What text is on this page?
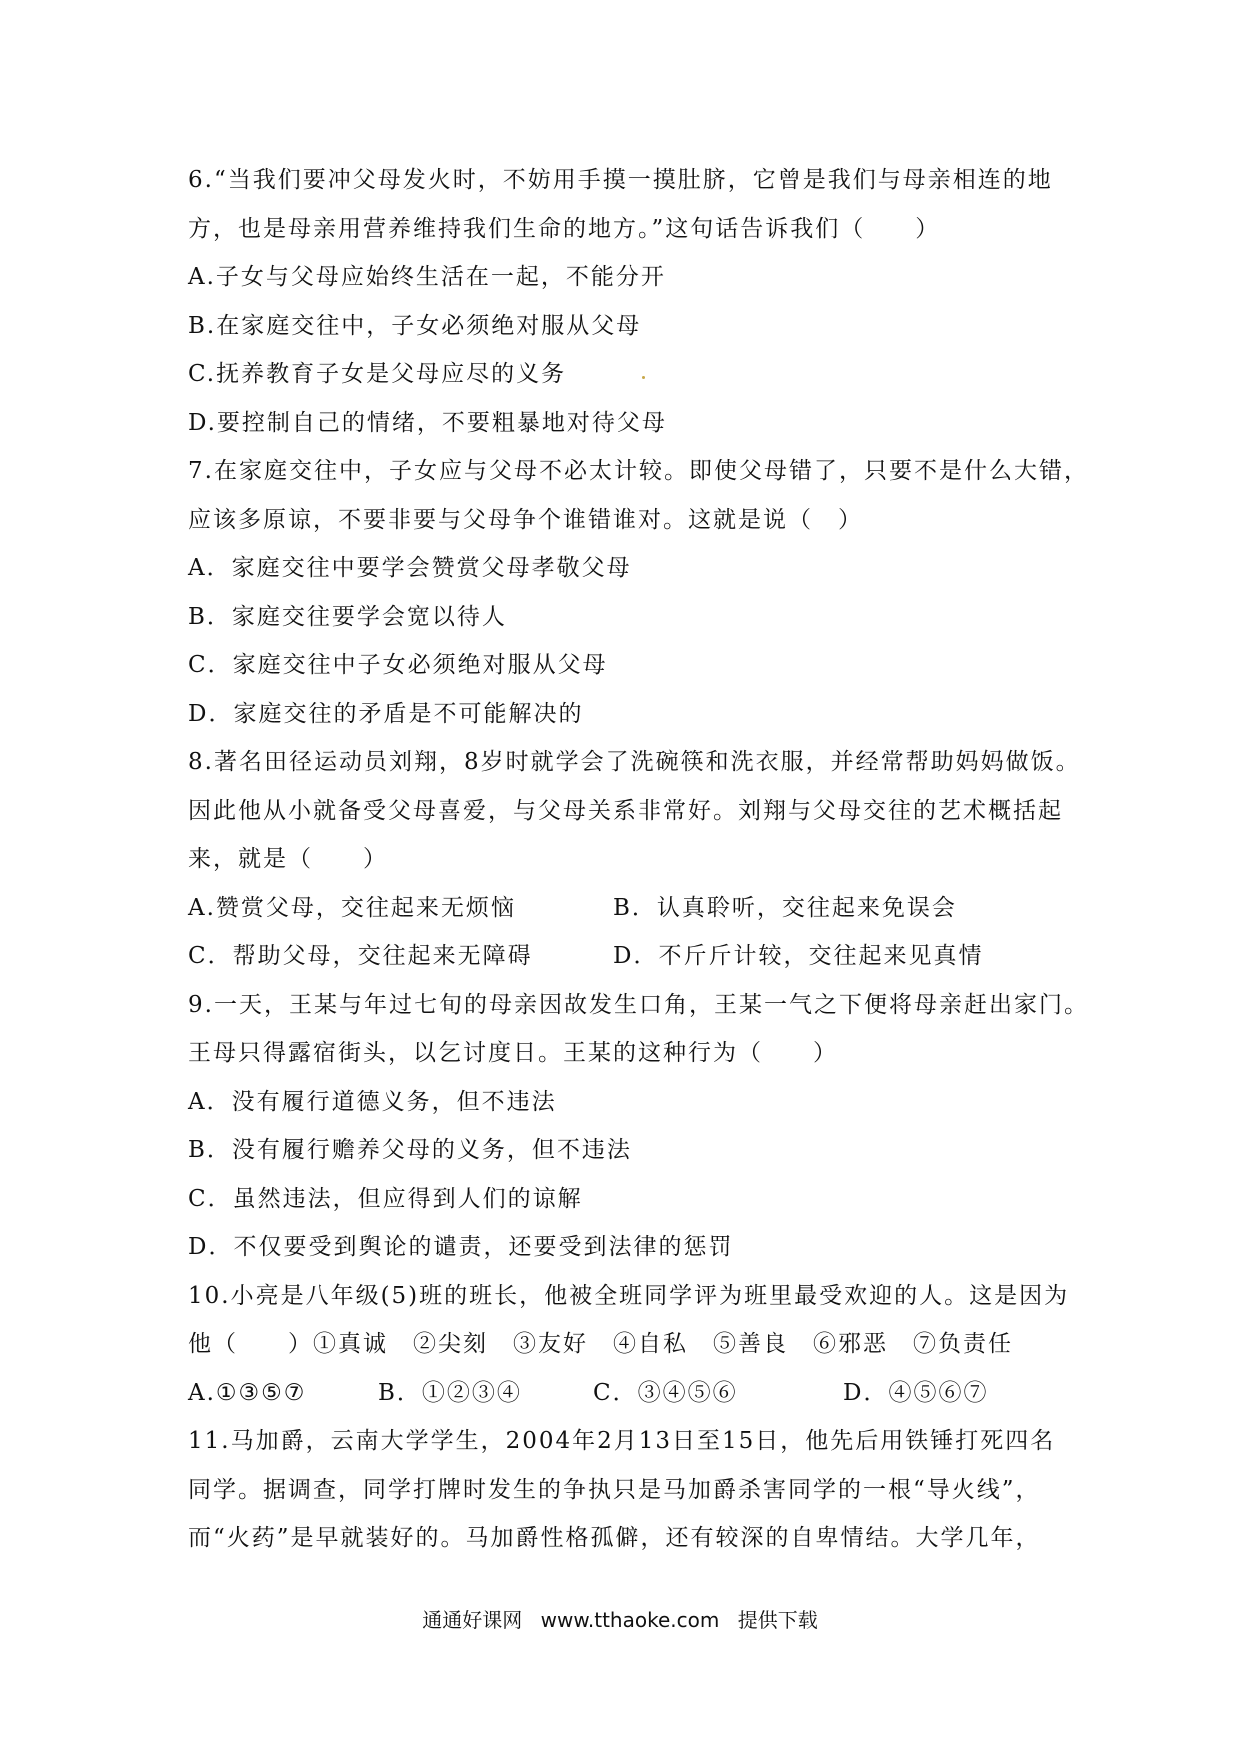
6.“当我们要冲父母发火时，不妨用手摸一摸肚脐，它曾是我们与母亲相连的地
方，也是母亲用营养维持我们生命的地方。”这句话告诉我们（　　）
A.子女与父母应始终生活在一起，不能分开
B.在家庭交往中，子女必须绝对服从父母
C.抚养教育子女是父母应尽的义务
D.要控制自己的情绪，不要粗暴地对待父母
7.在家庭交往中，子女应与父母不必太计较。即使父母错了，只要不是什么大错，
应该多原谅，不要非要与父母争个谁错谁对。这就是说（　）
A．家庭交往中要学会赞赏父母孝敬父母
B．家庭交往要学会宽以待人
C．家庭交往中子女必须绝对服从父母
D．家庭交往的矛盾是不可能解决的
8.著名田径运动员刘翔，8岁时就学会了洗碗筷和洗衣服，并经常帮助妈妈做饭。
因此他从小就备受父母喜爱，与父母关系非常好。刘翔与父母交往的艺术概括起
来，就是（　　）
A.赞赏父母，交往起来无烦恼	B．认真聆听，交往起来免误会
C．帮助父母，交往起来无障碍	D．不斤斤计较，交往起来见真情
9.一天，王某与年过七旬的母亲因故发生口角，王某一气之下便将母亲赶出家门。
王母只得露宿街头，以乞讨度日。王某的这种行为（　　）
A．没有履行道德义务，但不违法
B．没有履行赡养父母的义务，但不违法
C．虽然违法，但应得到人们的谅解
D．不仅要受到舆论的谴责，还要受到法律的惩罚
10.小亮是八年级(5)班的班长，他被全班同学评为班里最受欢迎的人。这是因为
他（　　）①真诚　②尖刻　③友好　④自私　⑤善良　⑥邪恶　⑦负责任
A.①③⑤⑦	B．①②③④	C．③④⑤⑥	D．④⑤⑥⑦
11.马加爵，云南大学学生，2004年2月13日至15日，他先后用铁锤打死四名
同学。据调查，同学打牌时发生的争执只是马加爵杀害同学的一根“导火线”，
而“火药”是早就装好的。马加爵性格孤僻，还有较深的自卑情结。大学几年，
通通好课网 www.tthaoke.com 提供下载
